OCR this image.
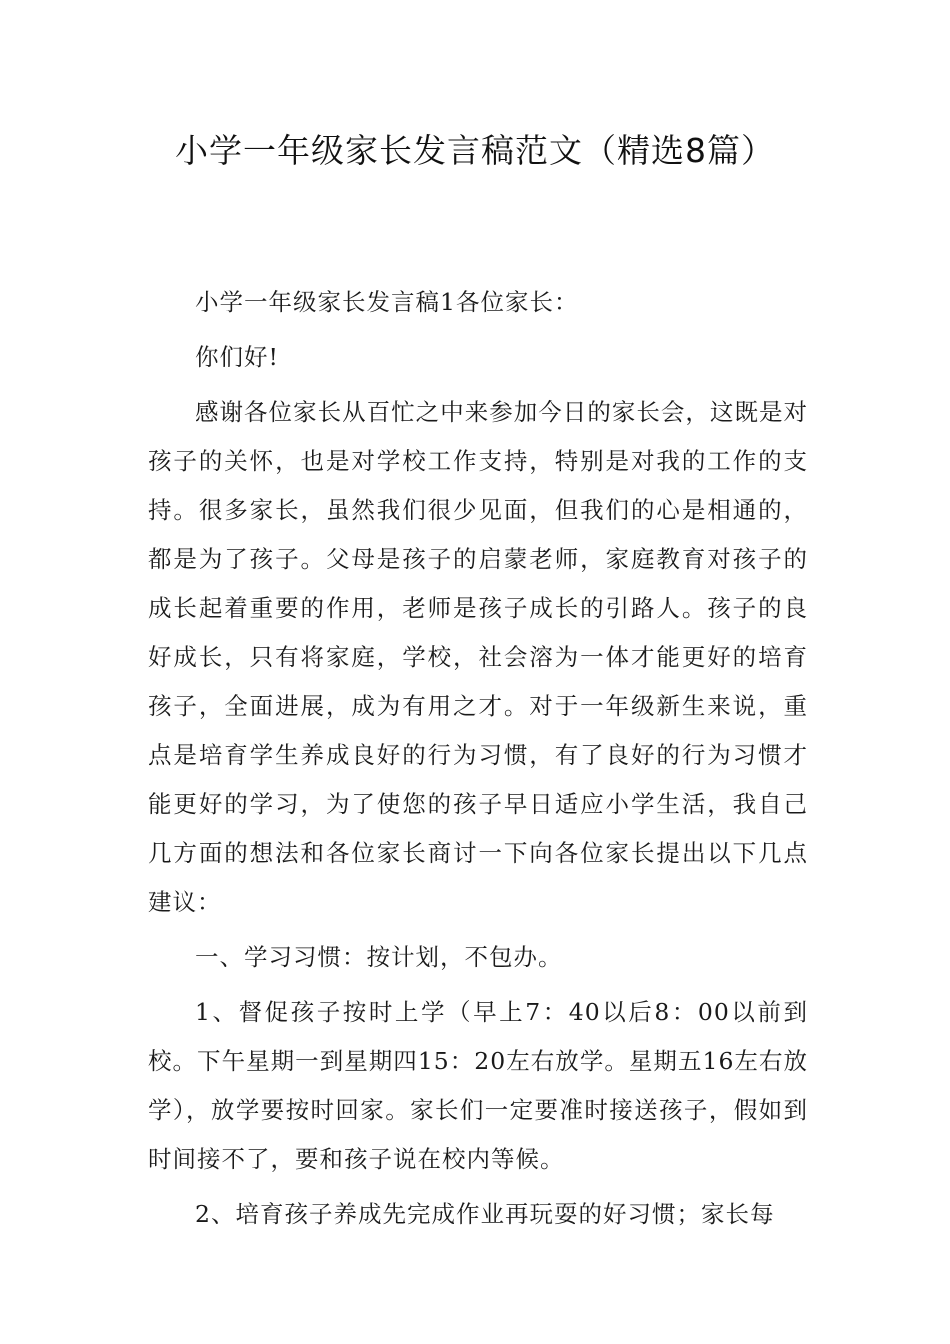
小学一年级家长发言稿范文（精选8篇）

小学一年级家长发言稿1各位家长：

你们好!

感谢各位家长从百忙之中来参加今日的家长会，这既是对孩子的关怀，也是对学校工作支持，特别是对我的工作的支持。很多家长，虽然我们很少见面，但我们的心是相通的，都是为了孩子。父母是孩子的启蒙老师，家庭教育对孩子的成长起着重要的作用，老师是孩子成长的引路人。孩子的良好成长，只有将家庭，学校，社会溶为一体才能更好的培育孩子，全面进展，成为有用之才。对于一年级新生来说，重点是培育学生养成良好的行为习惯，有了良好的行为习惯才能更好的学习，为了使您的孩子早日适应小学生活，我自己几方面的想法和各位家长商讨一下向各位家长提出以下几点建议：

一、学习习惯：按计划，不包办。

1、督促孩子按时上学（早上7：40以后8：00以前到校。下午星期一到星期四15：20左右放学。星期五16左右放学），放学要按时回家。家长们一定要准时接送孩子，假如到时间接不了，要和孩子说在校内等候。

2、培育孩子养成先完成作业再玩耍的好习惯；家长每
